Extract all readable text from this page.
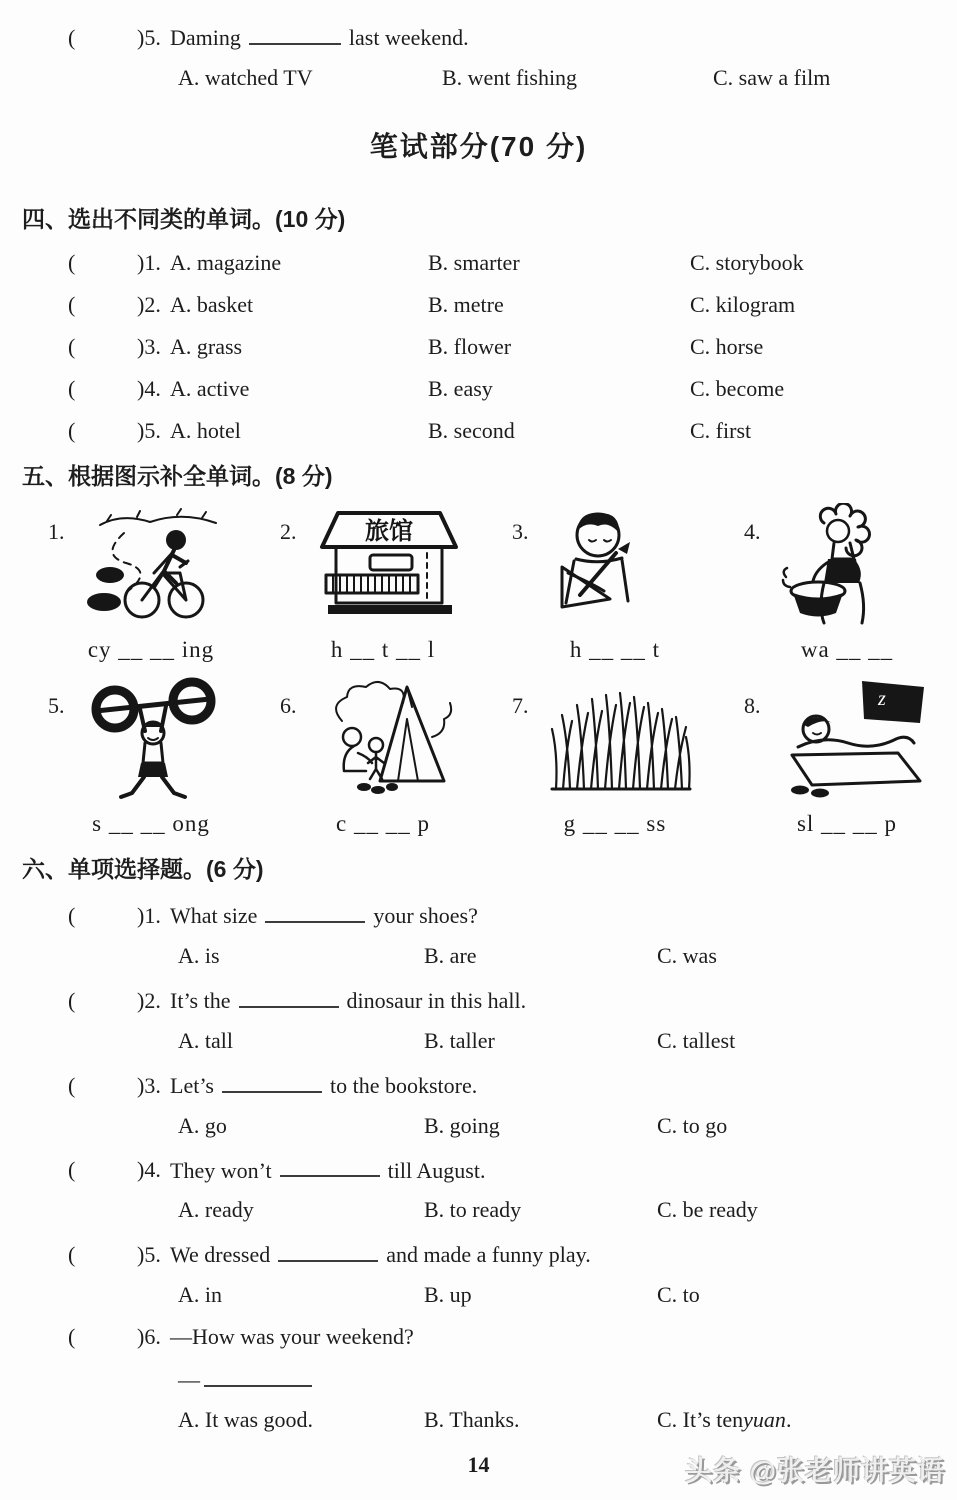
(	)5. Daming	last weekend.
A. watched TV	B. went fishing	C. saw a film
笔试部分(70 分)
四、选出不同类的单词。(10 分)
(	)1. A. magazine	B. smarter	C. storybook
(	)2. A. basket	B. metre	C. kilogram
(	)3. A. grass	B. flower	C. horse
(	)4. A. active	B. easy	C. become
(	)5. A. hotel	B. second	C. first
五、根据图示补全单词。(8 分)
1.
cy __ __ ing
2.	旅馆
h __ t __ l
3.
h __ __ t
4.
wa __ __
5.
s __ __ ong
6.
c __ __ p
7.
g __ __ ss
8.	z
sl __ __ p
六、单项选择题。(6 分)
(	)1. What size	your shoes?
A. is	B. are	C. was
(	)2. It’s the	dinosaur in this hall.
A. tall	B. taller	C. tallest
(	)3. Let’s	to the bookstore.
A. go	B. going	C. to go
(	)4. They won’t	till August.
A. ready	B. to ready	C. be ready
(	)5. We dressed	and made a funny play.
A. in	B. up	C. to
(	)6. —How was your weekend?
—
A. It was good.	B. Thanks.	C. It’s tenyuan.
14	头条 @张老师讲英语
